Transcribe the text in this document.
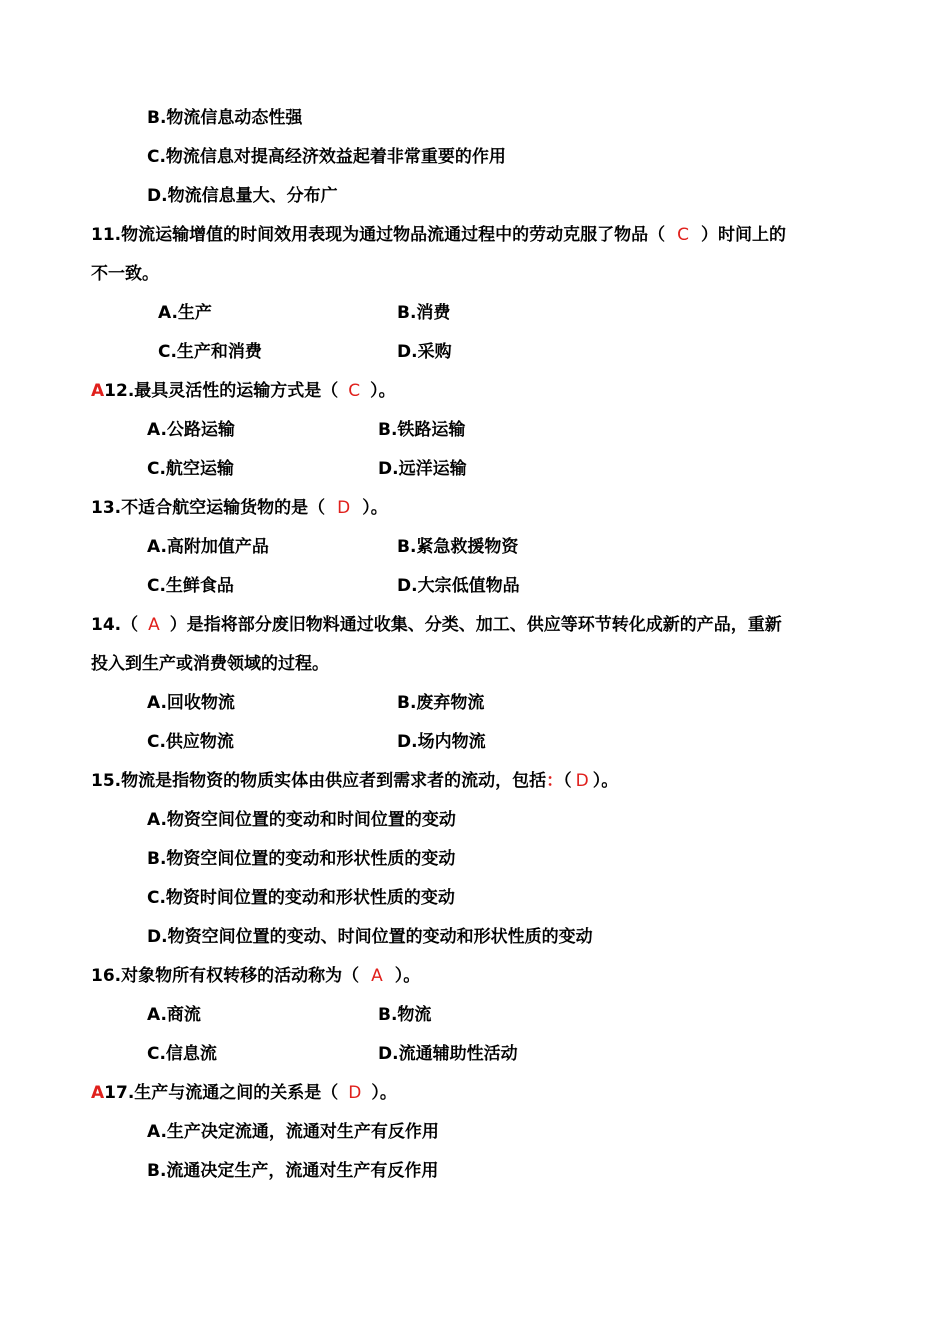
B.物流信息动态性强
C.物流信息对提高经济效益起着非常重要的作用
D.物流信息量大、分布广
11.物流运输增值的时间效用表现为通过物品流通过程中的劳动克服了物品（ C ）时间上的
不一致。
A.生产	B.消费
C.生产和消费	D.采购
A12.最具灵活性的运输方式是（ C ）。
A.公路运输	B.铁路运输
C.航空运输	D.远洋运输
13.不适合航空运输货物的是（ D ）。
A.高附加值产品	B.紧急救援物资
C.生鲜食品	D.大宗低值物品
14.（ A ）是指将部分废旧物料通过收集、分类、加工、供应等环节转化成新的产品，重新
投入到生产或消费领域的过程。
A.回收物流	B.废弃物流
C.供应物流	D.场内物流
15.物流是指物资的物质实体由供应者到需求者的流动，包括：（ D ）。
A.物资空间位置的变动和时间位置的变动
B.物资空间位置的变动和形状性质的变动
C.物资时间位置的变动和形状性质的变动
D.物资空间位置的变动、时间位置的变动和形状性质的变动
16.对象物所有权转移的活动称为（ A ）。
A.商流	B.物流
C.信息流	D.流通辅助性活动
A17.生产与流通之间的关系是（ D ）。
A.生产决定流通，流通对生产有反作用
B.流通决定生产，流通对生产有反作用
